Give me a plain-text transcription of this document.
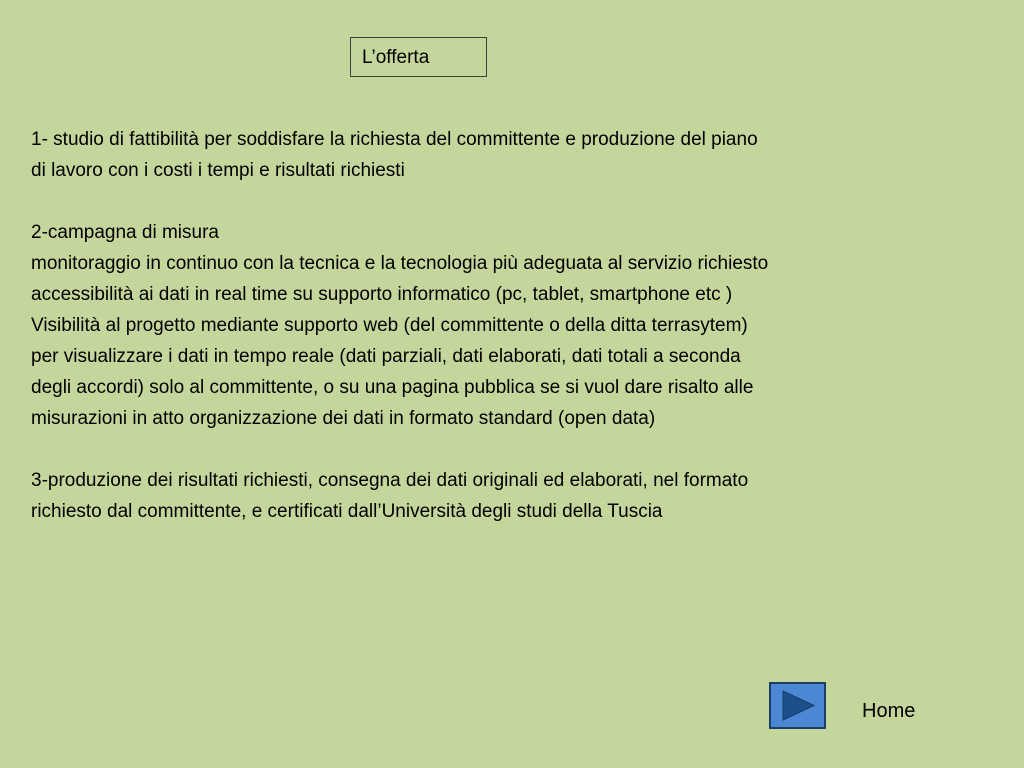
L’offerta

1- studio di fattibilità per soddisfare la richiesta del committente e produzione del piano
di lavoro con i costi i tempi e risultati richiesti

2-campagna di misura
monitoraggio in continuo con la tecnica e la tecnologia più adeguata al servizio richiesto
accessibilità ai dati in real time su supporto informatico (pc, tablet, smartphone etc )
Visibilità al progetto mediante supporto web (del committente o della ditta terrasytem)
per visualizzare i dati in tempo reale (dati parziali, dati elaborati, dati totali a seconda
degli accordi) solo al committente, o su una pagina pubblica se si vuol dare risalto alle
misurazioni in atto organizzazione dei dati in formato standard (open data)

3-produzione dei risultati richiesti, consegna dei dati originali ed elaborati, nel formato
richiesto dal committente, e certificati dall’Università degli studi della Tuscia

Home
